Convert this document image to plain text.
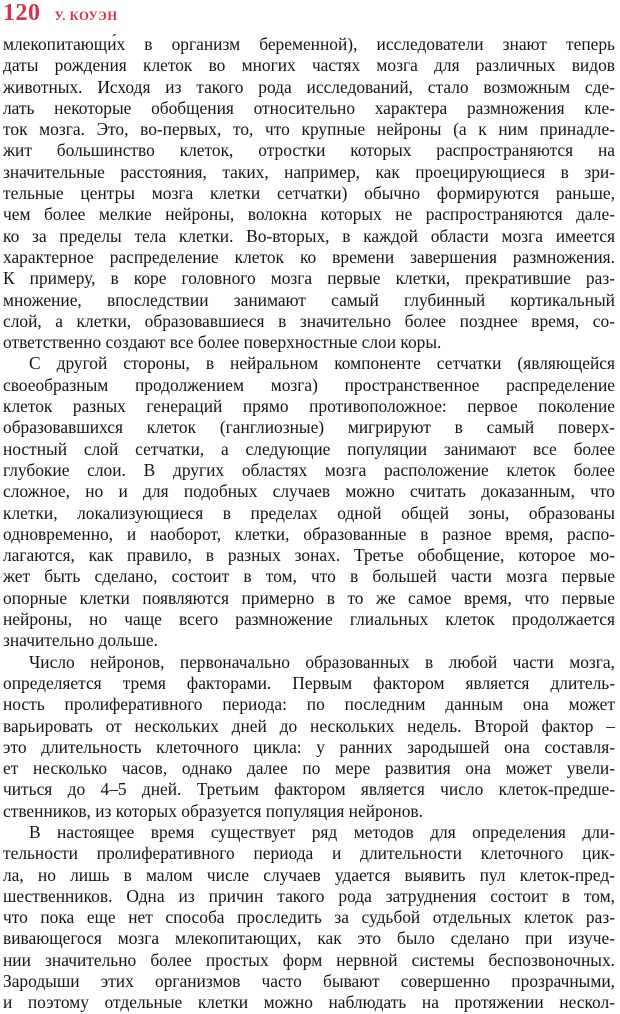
120 У. КОУЭН
млекопитающи́х в организм беременной), исследователи знают теперь
даты рождения клеток во многих частях мозга для различных видов
животных. Исходя из такого рода исследований, стало возможным сде-
лать некоторые обобщения относительно характера размножения кле-
ток мозга. Это, во-первых, то, что крупные нейроны (а к ним принадле-
жит большинство клеток, отростки которых распространяются на
значительные расстояния, таких, например, как проецирующиеся в зри-
тельные центры мозга клетки сетчатки) обычно формируются раньше,
чем более мелкие нейроны, волокна которых не распространяются дале-
ко за пределы тела клетки. Во-вторых, в каждой области мозга имеется
характерное распределение клеток ко времени завершения размножения.
К примеру, в коре головного мозга первые клетки, прекратившие раз-
множение, впоследствии занимают самый глубинный кортикальный
слой, а клетки, образовавшиеся в значительно более позднее время, со-
ответственно создают все более поверхностные слои коры.
С другой стороны, в нейральном компоненте сетчатки (являющейся
своеобразным продолжением мозга) пространственное распределение
клеток разных генераций прямо противоположное: первое поколение
образовавшихся клеток (ганглиозные) мигрируют в самый поверх-
ностный слой сетчатки, а следующие популяции занимают все более
глубокие слои. В других областях мозга расположение клеток более
сложное, но и для подобных случаев можно считать доказанным, что
клетки, локализующиеся в пределах одной общей зоны, образованы
одновременно, и наоборот, клетки, образованные в разное время, распо-
лагаются, как правило, в разных зонах. Третье обобщение, которое мо-
жет быть сделано, состоит в том, что в большей части мозга первые
опорные клетки появляются примерно в то же самое время, что первые
нейроны, но чаще всего размножение глиальных клеток продолжается
значительно дольше.
Число нейронов, первоначально образованных в любой части мозга,
определяется тремя факторами. Первым фактором является длитель-
ность пролиферативного периода: по последним данным она может
варьировать от нескольких дней до нескольких недель. Второй фактор –
это длительность клеточного цикла: у ранних зародышей она составля-
ет несколько часов, однако далее по мере развития она может увели-
читься до 4–5 дней. Третьим фактором является число клеток-предше-
ственников, из которых образуется популяция нейронов.
В настоящее время существует ряд методов для определения дли-
тельности пролиферативного периода и длительности клеточного цик-
ла, но лишь в малом числе случаев удается выявить пул клеток-пред-
шественников. Одна из причин такого рода затруднения состоит в том,
что пока еще нет способа проследить за судьбой отдельных клеток раз-
вивающегося мозга млекопитающих, как это было сделано при изуче-
нии значительно более простых форм нервной системы беспозвоночных.
Зародыши этих организмов часто бывают совершенно прозрачными,
и поэтому отдельные клетки можно наблюдать на протяжении нескол-
